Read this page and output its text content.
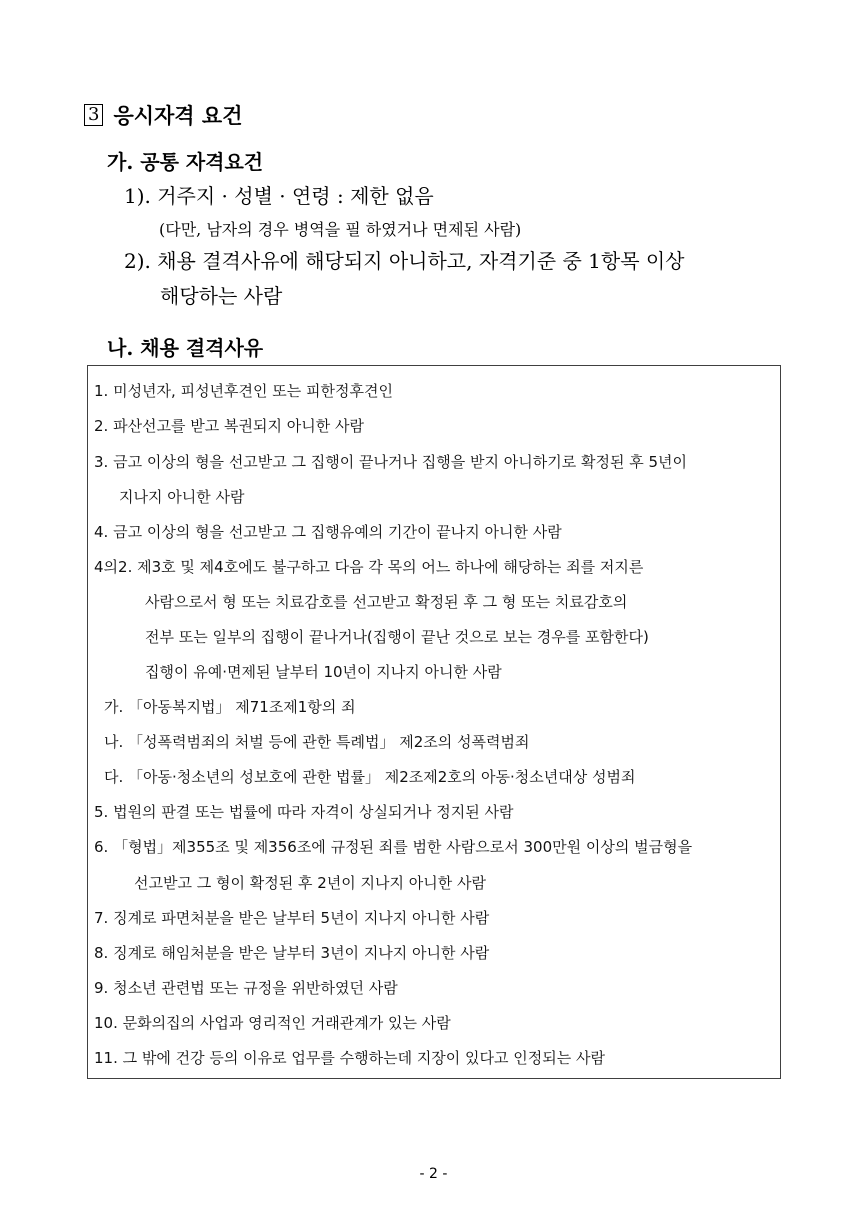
3 응시자격 요건
가. 공통 자격요건
1). 거주지 · 성별 · 연령 : 제한 없음
(다만, 남자의 경우 병역을 필 하였거나 면제된 사람)
2). 채용 결격사유에 해당되지 아니하고, 자격기준 중 1항목 이상
해당하는 사람
나. 채용 결격사유
1. 미성년자, 피성년후견인 또는 피한정후견인
2. 파산선고를 받고 복권되지 아니한 사람
3. 금고 이상의 형을 선고받고 그 집행이 끝나거나 집행을 받지 아니하기로 확정된 후 5년이
지나지 아니한 사람
4. 금고 이상의 형을 선고받고 그 집행유예의 기간이 끝나지 아니한 사람
4의2. 제3호 및 제4호에도 불구하고 다음 각 목의 어느 하나에 해당하는 죄를 저지른
사람으로서 형 또는 치료감호를 선고받고 확정된 후 그 형 또는 치료감호의
전부 또는 일부의 집행이 끝나거나(집행이 끝난 것으로 보는 경우를 포함한다)
집행이 유예·면제된 날부터 10년이 지나지 아니한 사람
가. 「아동복지법」 제71조제1항의 죄
나. 「성폭력범죄의 처벌 등에 관한 특례법」 제2조의 성폭력범죄
다. 「아동·청소년의 성보호에 관한 법률」 제2조제2호의 아동·청소년대상 성범죄
5. 법원의 판결 또는 법률에 따라 자격이 상실되거나 정지된 사람
6. 「형법」제355조 및 제356조에 규정된 죄를 범한 사람으로서 300만원 이상의 벌금형을
선고받고 그 형이 확정된 후 2년이 지나지 아니한 사람
7. 징계로 파면처분을 받은 날부터 5년이 지나지 아니한 사람
8. 징계로 해임처분을 받은 날부터 3년이 지나지 아니한 사람
9. 청소년 관련법 또는 규정을 위반하였던 사람
10. 문화의집의 사업과 영리적인 거래관계가 있는 사람
11. 그 밖에 건강 등의 이유로 업무를 수행하는데 지장이 있다고 인정되는 사람
- 2 -
